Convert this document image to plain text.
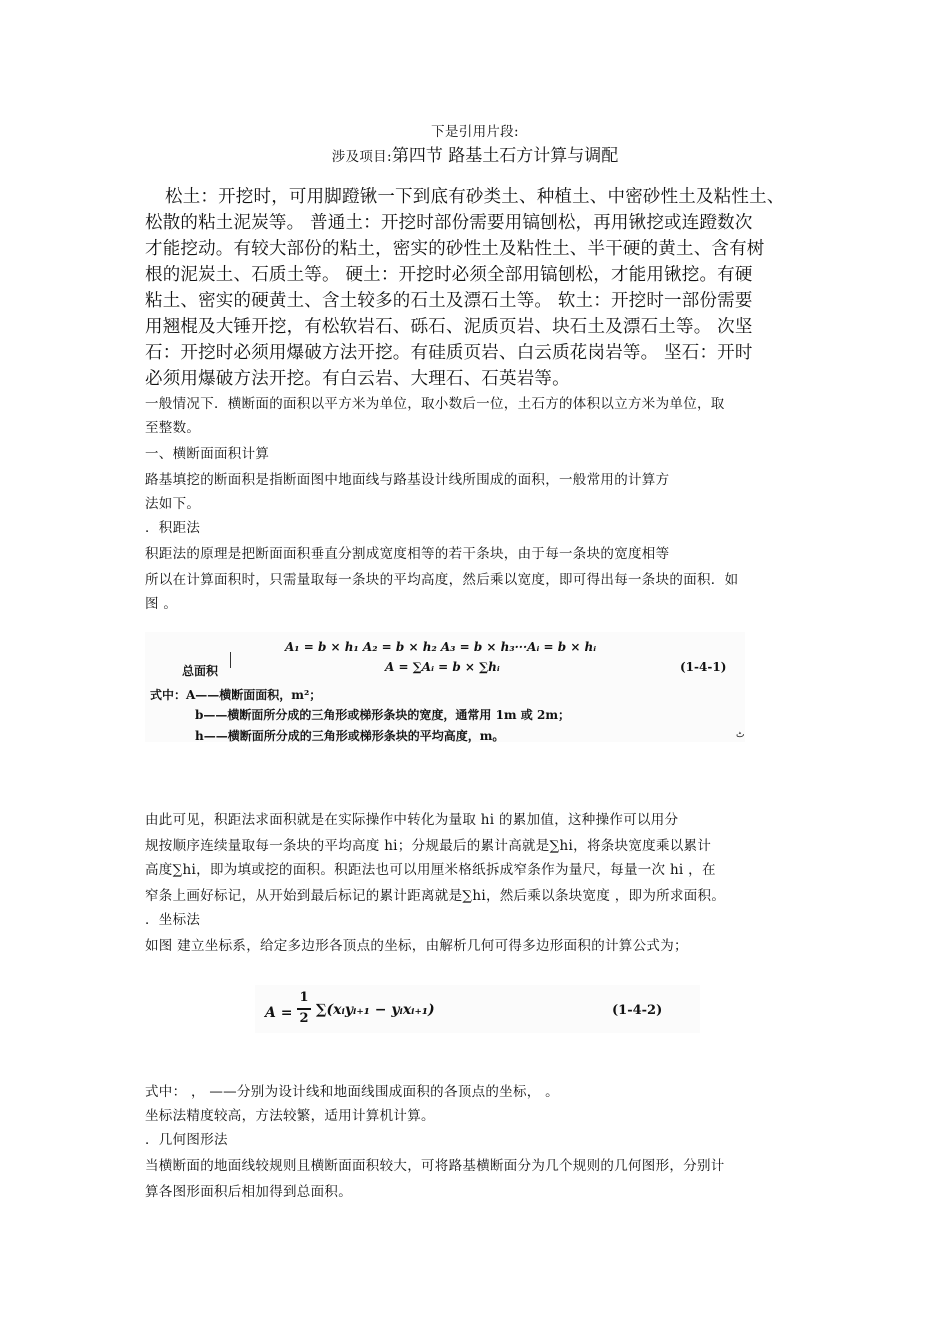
下是引用片段:
涉及项目:第四节 路基土石方计算与调配
松土：开挖时，可用脚蹬锹一下到底有砂类土、种植土、中密砂性土及粘性土、
松散的粘土泥炭等。 普通土：开挖时部份需要用镐刨松，再用锹挖或连蹬数次
才能挖动。有较大部份的粘土，密实的砂性土及粘性土、半干硬的黄土、含有树
根的泥炭土、石质土等。 硬土：开挖时必须全部用镐刨松，才能用锹挖。有硬
粘土、密实的硬黄土、含土较多的石土及漂石土等。 软土：开挖时一部份需要
用翘棍及大锤开挖，有松软岩石、砾石、泥质页岩、块石土及漂石土等。 次坚
石：开挖时必须用爆破方法开挖。有硅质页岩、白云质花岗岩等。 坚石：开时
必须用爆破方法开挖。有白云岩、大理石、石英岩等。
一般情况下．横断面的面积以平方米为单位，取小数后一位，土石方的体积以立方米为单位，取
至整数。
一、横断面面积计算
路基填挖的断面积是指断面图中地面线与路基设计线所围成的面积，一般常用的计算方
法如下。
．积距法
积距法的原理是把断面面积垂直分割成宽度相等的若干条块，由于每一条块的宽度相等
所以在计算面积时，只需量取每一条块的平均高度，然后乘以宽度，即可得出每一条块的面积．如
图 。
A₁ = b × h₁ A₂ = b × h₂ A₃ = b × h₃···Aᵢ = b × hᵢ
总面积	A = ∑Aᵢ = b × ∑hᵢ	(1-4-1)
式中：A——横断面面积，m²；
b——横断面所分成的三角形或梯形条块的宽度，通常用 1m 或 2m；
h——横断面所分成的三角形或梯形条块的平均高度，m。	ٹ
由此可见，积距法求面积就是在实际操作中转化为量取 hi 的累加值，这种操作可以用分
规按顺序连续量取每一条块的平均高度 hi；分规最后的累计高就是∑hi，将条块宽度乘以累计
高度∑hi，即为填或挖的面积。积距法也可以用厘米格纸拆成窄条作为量尺，每量一次 hi ，在
窄条上画好标记，从开始到最后标记的累计距离就是∑hi，然后乘以条块宽度 ，即为所求面积。
．坐标法
如图 建立坐标系，给定多边形各顶点的坐标，由解析几何可得多边形面积的计算公式为；
A =
1
2
∑(xᵢyᵢ₊₁ − yᵢxᵢ₊₁)	(1-4-2)
式中： ， ——分别为设计线和地面线围成面积的各顶点的坐标， 。
坐标法精度较高，方法较繁，适用计算机计算。
．几何图形法
当横断面的地面线较规则且横断面面积较大，可将路基横断面分为几个规则的几何图形，分别计
算各图形面积后相加得到总面积。
